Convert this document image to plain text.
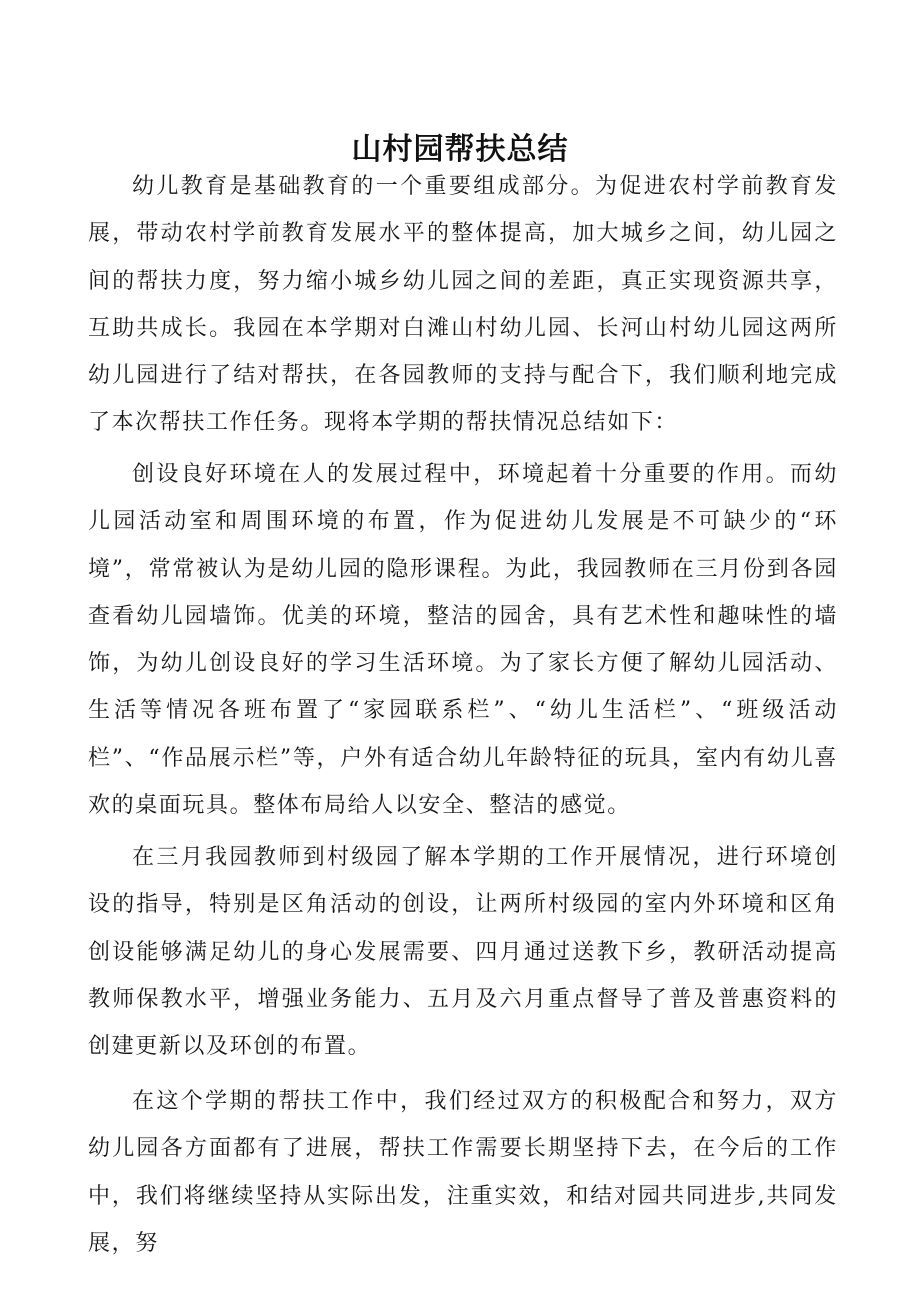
山村园帮扶总结

幼儿教育是基础教育的一个重要组成部分。为促进农村学前教育发展，带动农村学前教育发展水平的整体提高，加大城乡之间，幼儿园之间的帮扶力度，努力缩小城乡幼儿园之间的差距，真正实现资源共享，互助共成长。我园在本学期对白滩山村幼儿园、长河山村幼儿园这两所幼儿园进行了结对帮扶，在各园教师的支持与配合下，我们顺利地完成了本次帮扶工作任务。现将本学期的帮扶情况总结如下：

创设良好环境在人的发展过程中，环境起着十分重要的作用。而幼儿园活动室和周围环境的布置，作为促进幼儿发展是不可缺少的“环境”，常常被认为是幼儿园的隐形课程。为此，我园教师在三月份到各园查看幼儿园墙饰。优美的环境，整洁的园舍，具有艺术性和趣味性的墙饰，为幼儿创设良好的学习生活环境。为了家长方便了解幼儿园活动、生活等情况各班布置了“家园联系栏”、“幼儿生活栏”、“班级活动栏”、“作品展示栏”等，户外有适合幼儿年龄特征的玩具，室内有幼儿喜欢的桌面玩具。整体布局给人以安全、整洁的感觉。

在三月我园教师到村级园了解本学期的工作开展情况，进行环境创设的指导，特别是区角活动的创设，让两所村级园的室内外环境和区角创设能够满足幼儿的身心发展需要、四月通过送教下乡，教研活动提高教师保教水平，增强业务能力、五月及六月重点督导了普及普惠资料的创建更新以及环创的布置。

在这个学期的帮扶工作中，我们经过双方的积极配合和努力，双方幼儿园各方面都有了进展，帮扶工作需要长期坚持下去，在今后的工作中，我们将继续坚持从实际出发，注重实效，和结对园共同进步,共同发展，努
